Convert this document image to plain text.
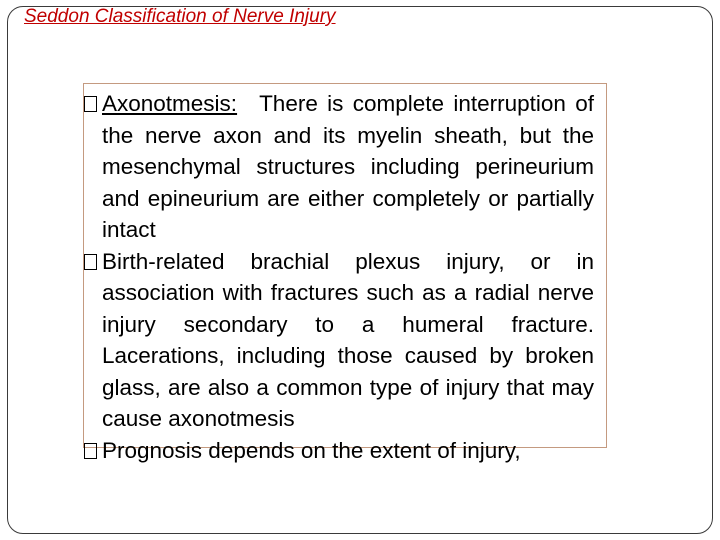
Seddon Classification of Nerve Injury
Axonotmesis: There is complete interruption of the nerve axon and its myelin sheath, but the mesenchymal structures including perineurium and epineurium are either completely or partially intact
Birth-related brachial plexus injury, or in association with fractures such as a radial nerve injury secondary to a humeral fracture. Lacerations, including those caused by broken glass, are also a common type of injury that may cause axonotmesis
Prognosis depends on the extent of injury,
